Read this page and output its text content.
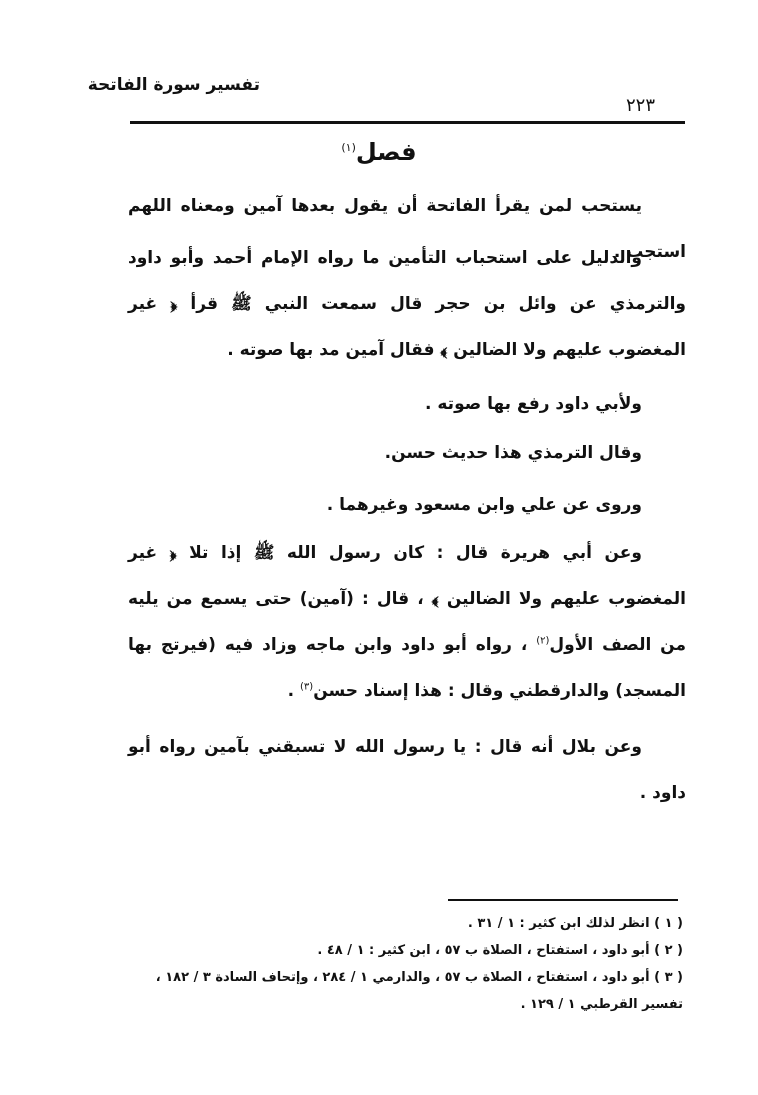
تفسير سورة الفاتحة
٢٢٣
فصل$^{(١)}$

يستحب لمن يقرأ الفاتحة أن يقول بعدها آمين ومعناه اللهم استجب .

والدليل على استحباب التأمين ما رواه الإمام أحمد وأبو داود والترمذي عن وائل بن حجر قال سمعت النبي ﷺ قرأ ﴿ غير المغضوب عليهم ولا الضالين ﴾ فقال آمين مد بها صوته .

ولأبي داود رفع بها صوته .

وقال الترمذي هذا حديث حسن.

وروى عن علي وابن مسعود وغيرهما .

وعن أبي هريرة قال : كان رسول الله ﷺ إذا تلا ﴿ غير المغضوب عليهم ولا الضالين ﴾ ، قال : (آمين) حتى يسمع من يليه من الصف الأول$^{(٢)}$ ، رواه أبو داود وابن ماجه وزاد فيه (فيرتج بها المسجد) والدارقطني وقال : هذا إسناد حسن$^{(٣)}$ .

وعن بلال أنه قال : يا رسول الله لا تسبقني بآمين رواه أبو داود .

( ١ ) انظر لذلك ابن كثير : ١ / ٣١ .

( ٢ ) أبو داود ، استفتاح ، الصلاة ب ٥٧ ، ابن كثير : ١ / ٤٨ .

( ٣ ) أبو داود ، استفتاح ، الصلاة ب ٥٧ ، والدارمي ١ / ٢٨٤ ، وإتحاف السادة ٣ / ١٨٢ ، تفسير القرطبي ١ / ١٢٩ .
